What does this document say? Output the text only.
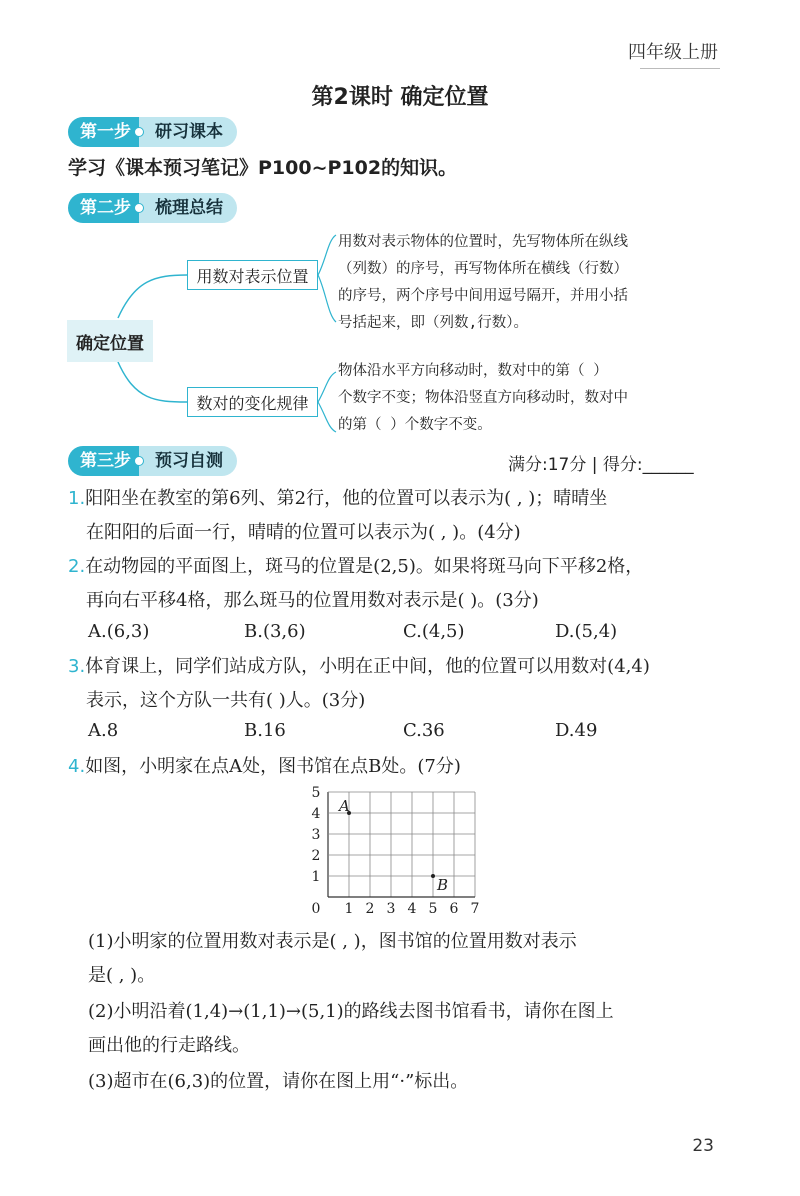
四年级上册
第2课时 确定位置
第一步	研习课本
学习《课本预习笔记》P100~P102的知识。
第二步	梳理总结
确定位置
用数对表示位置
数对的变化规律
用数对表示物体的位置时，先写物体所在纵线
（列数）的序号，再写物体所在横线（行数）
的序号，两个序号中间用逗号隔开，并用小括
号括起来，即（列数,行数）。
物体沿水平方向移动时，数对中的第（ ）
个数字不变；物体沿竖直方向移动时，数对中
的第（ ）个数字不变。
第三步	预习自测	满分:17分 | 得分:______
1.阳阳坐在教室的第6列、第2行，他的位置可以表示为( , )；晴晴坐
在阳阳的后面一行，晴晴的位置可以表示为( , )。(4分)
2.在动物园的平面图上，斑马的位置是(2,5)。如果将斑马向下平移2格，
再向右平移4格，那么斑马的位置用数对表示是( )。(3分)
A.(6,3)	B.(3,6)	C.(4,5)	D.(5,4)
3.体育课上，同学们站成方队，小明在正中间，他的位置可以用数对(4,4)
表示，这个方队一共有( )人。(3分)
A.8	B.16	C.36	D.49
4.如图，小明家在点A处，图书馆在点B处。(7分)
0 1 2 3 4 5 6 7
1
2
3
4
5
A
B
(1)小明家的位置用数对表示是( , )，图书馆的位置用数对表示
是( , )。
(2)小明沿着(1,4)→(1,1)→(5,1)的路线去图书馆看书，请你在图上
画出他的行走路线。
(3)超市在(6,3)的位置，请你在图上用“·”标出。
23
